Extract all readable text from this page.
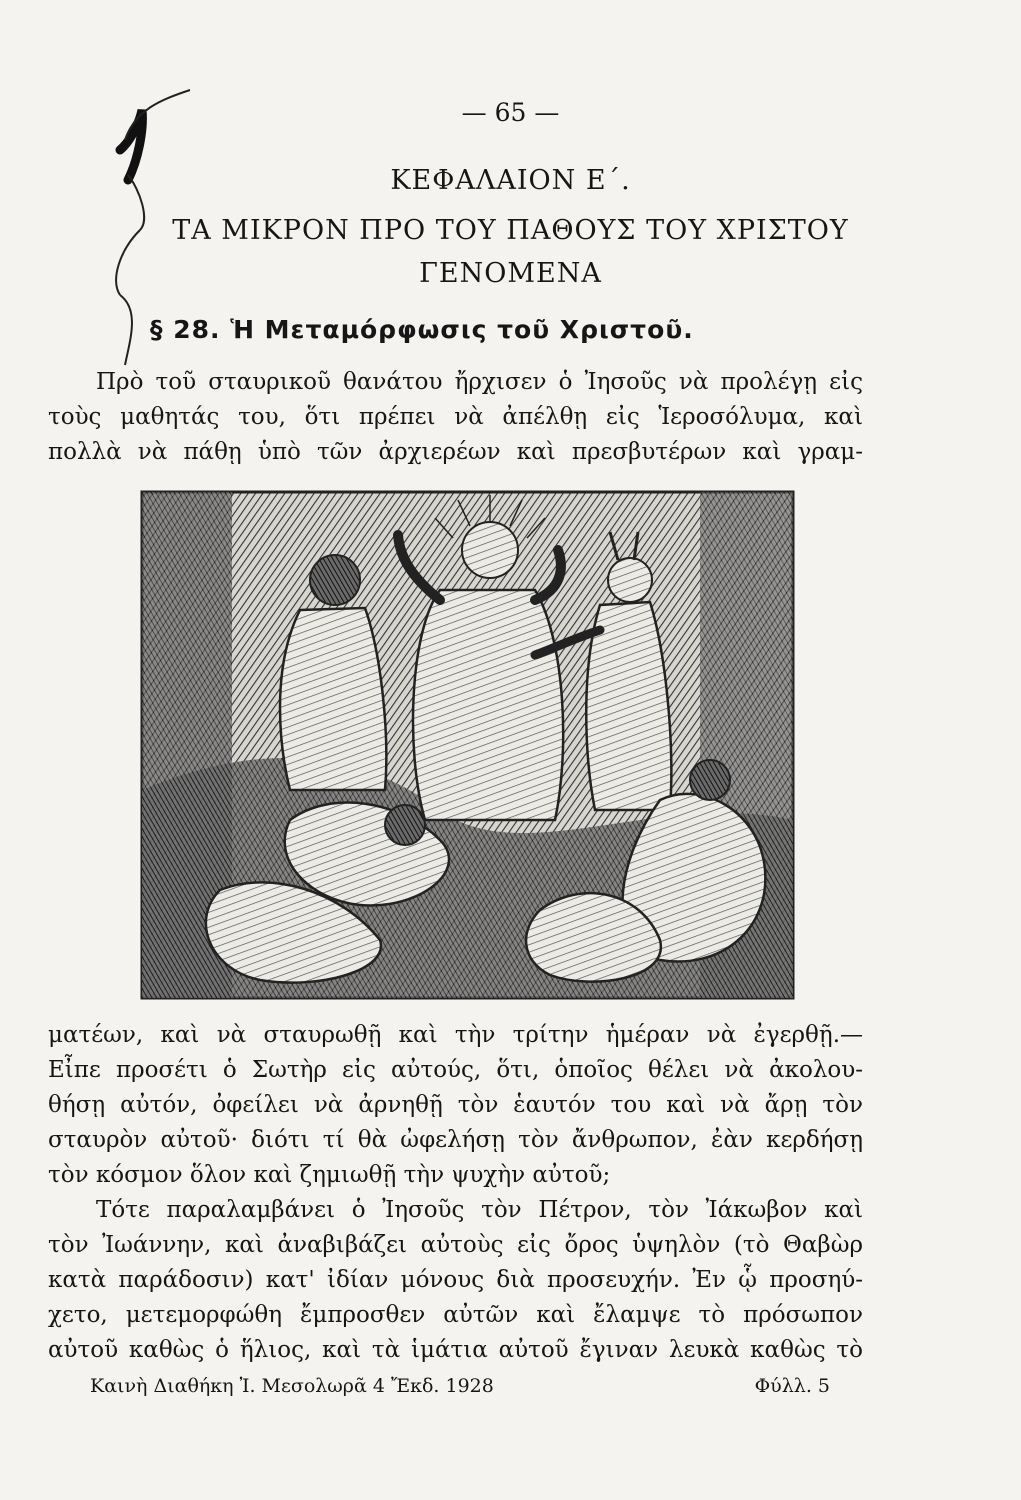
— 65 —
ΚΕΦΑΛΑΙΟΝ Ε΄.
ΤΑ ΜΙΚΡΟΝ ΠΡΟ ΤΟΥ ΠΑΘΟΥΣ ΤΟΥ ΧΡΙΣΤΟΥ
ΓΕΝΟΜΕΝΑ
§ 28. Ἡ Μεταμόρφωσις τοῦ Χριστοῦ.
Πρὸ τοῦ σταυρικοῦ θανάτου ἤρχισεν ὁ Ἰησοῦς νὰ προλέγῃ εἰς
τοὺς μαθητάς του, ὅτι πρέπει νὰ ἀπέλθῃ εἰς Ἱεροσόλυμα, καὶ
πολλὰ νὰ πάθῃ ὑπὸ τῶν ἀρχιερέων καὶ πρεσβυτέρων καὶ γραμ-
ματέων, καὶ νὰ σταυρωθῇ καὶ τὴν τρίτην ἡμέραν νὰ ἐγερθῇ.—
Εἶπε προσέτι ὁ Σωτὴρ εἰς αὐτούς, ὅτι, ὁποῖος θέλει νὰ ἀκολου-
θήσῃ αὐτόν, ὀφείλει νὰ ἀρνηθῇ τὸν ἑαυτόν του καὶ νὰ ἄρῃ τὸν
σταυρὸν αὐτοῦ· διότι τί θὰ ὠφελήσῃ τὸν ἄνθρωπον, ἐὰν κερδήσῃ
τὸν κόσμον ὅλον καὶ ζημιωθῇ τὴν ψυχὴν αὐτοῦ;
Τότε παραλαμβάνει ὁ Ἰησοῦς τὸν Πέτρον, τὸν Ἰάκωβον καὶ
τὸν Ἰωάννην, καὶ ἀναβιβάζει αὐτοὺς εἰς ὄρος ὑψηλὸν (τὸ Θαβὼρ
κατὰ παράδοσιν) κατ' ἰδίαν μόνους διὰ προσευχήν. Ἐν ᾧ προσηύ-
χετο, μετεμορφώθη ἔμπροσθεν αὐτῶν καὶ ἔλαμψε τὸ πρόσωπον
αὐτοῦ καθὼς ὁ ἥλιος, καὶ τὰ ἱμάτια αὐτοῦ ἔγιναν λευκὰ καθὼς τὸ
Καινὴ Διαθήκη Ἰ. Μεσολωρᾶ 4 Ἔκδ. 1928	Φύλλ. 5
